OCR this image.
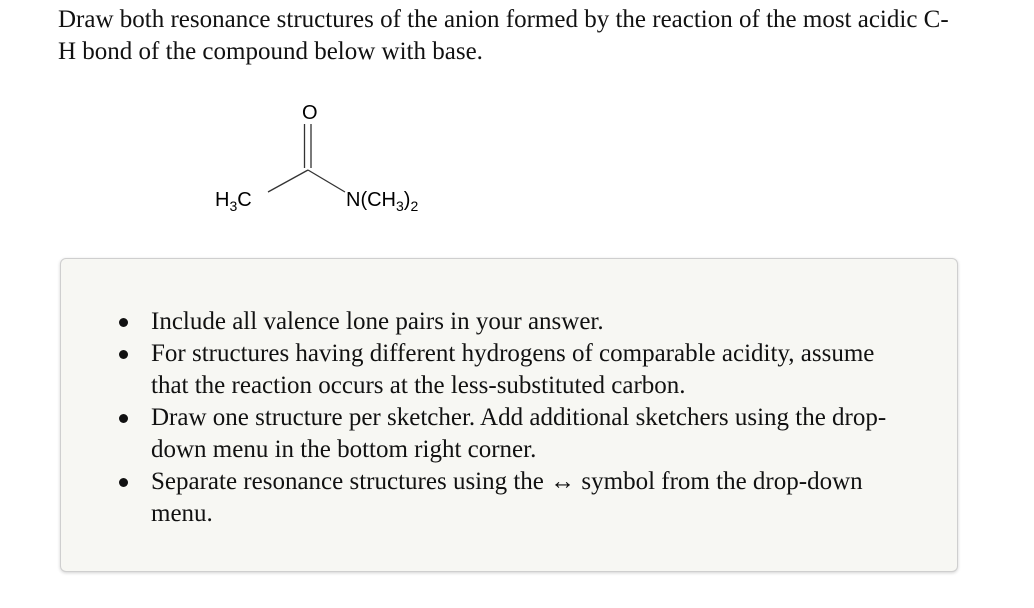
Draw both resonance structures of the anion formed by the reaction of the most acidic C-H bond of the compound below with base.

O
$H_3C$	$N(CH_3)_2$
Include all valence lone pairs in your answer.
For structures having different hydrogens of comparable acidity, assume that the reaction occurs at the less-substituted carbon.
Draw one structure per sketcher. Add additional sketchers using the drop-down menu in the bottom right corner.
Separate resonance structures using the ↔ symbol from the drop-down menu.
